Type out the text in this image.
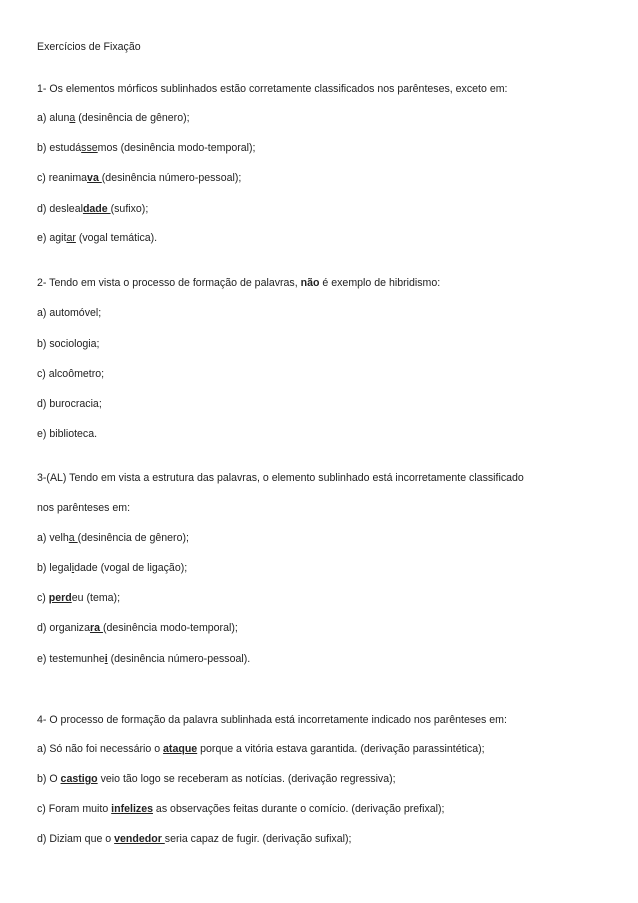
Exercícios de Fixação
1- Os elementos mórficos sublinhados estão corretamente classificados nos parênteses, exceto em:
a) aluna (desinência de gênero);
b) estudássemos (desinência modo-temporal);
c) reanimava (desinência número-pessoal);
d) deslealdade (sufixo);
e) agitar (vogal temática).
2- Tendo em vista o processo de formação de palavras, não é exemplo de hibridismo:
a) automóvel;
b) sociologia;
c) alcoômetro;
d) burocracia;
e) biblioteca.
3-(AL) Tendo em vista a estrutura das palavras, o elemento sublinhado está incorretamente classificado
nos parênteses em:
a) velha (desinência de gênero);
b) legalidade (vogal de ligação);
c) perdeu (tema);
d) organizara (desinência modo-temporal);
e) testemunhei (desinência número-pessoal).
4- O processo de formação da palavra sublinhada está incorretamente indicado nos parênteses em:
a) Só não foi necessário o ataque porque a vitória estava garantida. (derivação parassintética);
b) O castigo veio tão logo se receberam as notícias. (derivação regressiva);
c) Foram muito infelizes as observações feitas durante o comício. (derivação prefixal);
d) Diziam que o vendedor seria capaz de fugir. (derivação sufixal);
